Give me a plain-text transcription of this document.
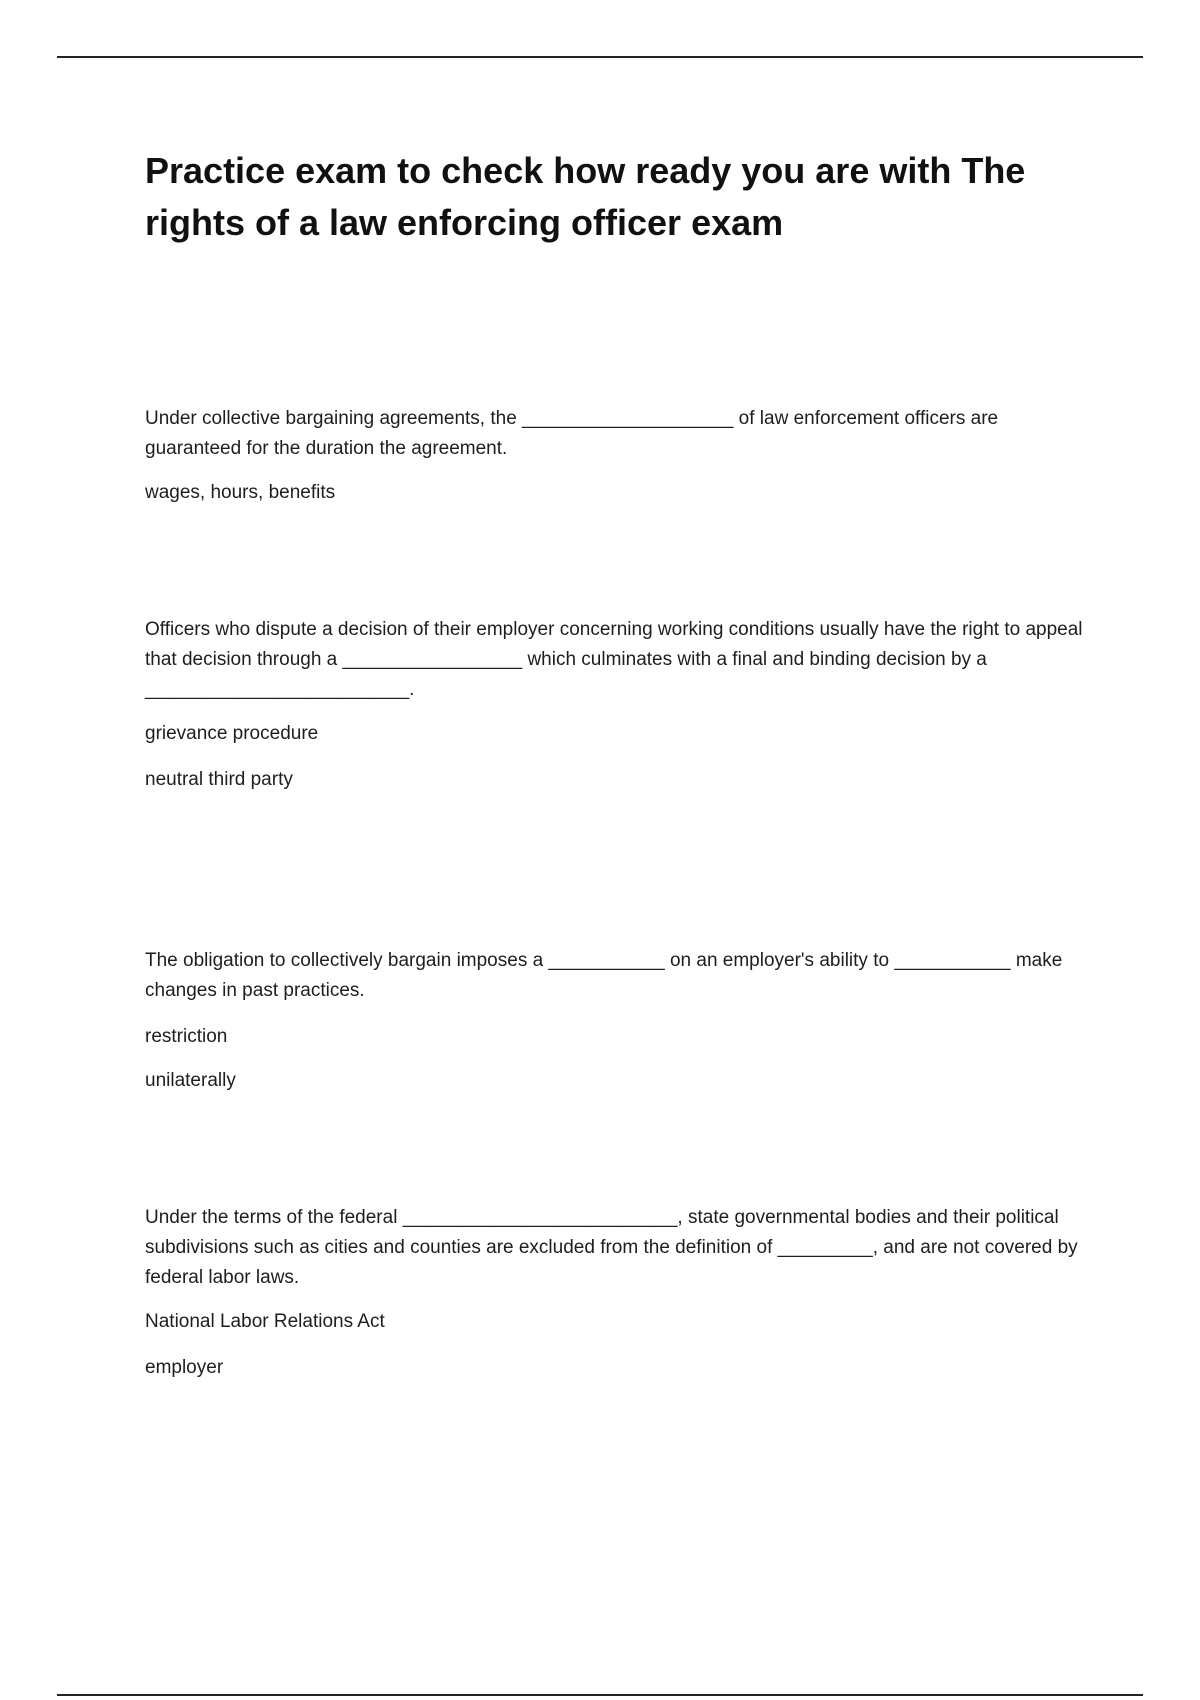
Practice exam to check how ready you are with The rights of a law enforcing officer exam

Under collective bargaining agreements, the ____________________ of law enforcement officers are guaranteed for the duration the agreement.

wages, hours, benefits

Officers who dispute a decision of their employer concerning working conditions usually have the right to appeal that decision through a _________________ which culminates with a final and binding decision by a _________________________.

grievance procedure

neutral third party

The obligation to collectively bargain imposes a ___________ on an employer's ability to ___________ make changes in past practices.

restriction

unilaterally

Under the terms of the federal __________________________, state governmental bodies and their political subdivisions such as cities and counties are excluded from the definition of _________, and are not covered by federal labor laws.

National Labor Relations Act

employer
